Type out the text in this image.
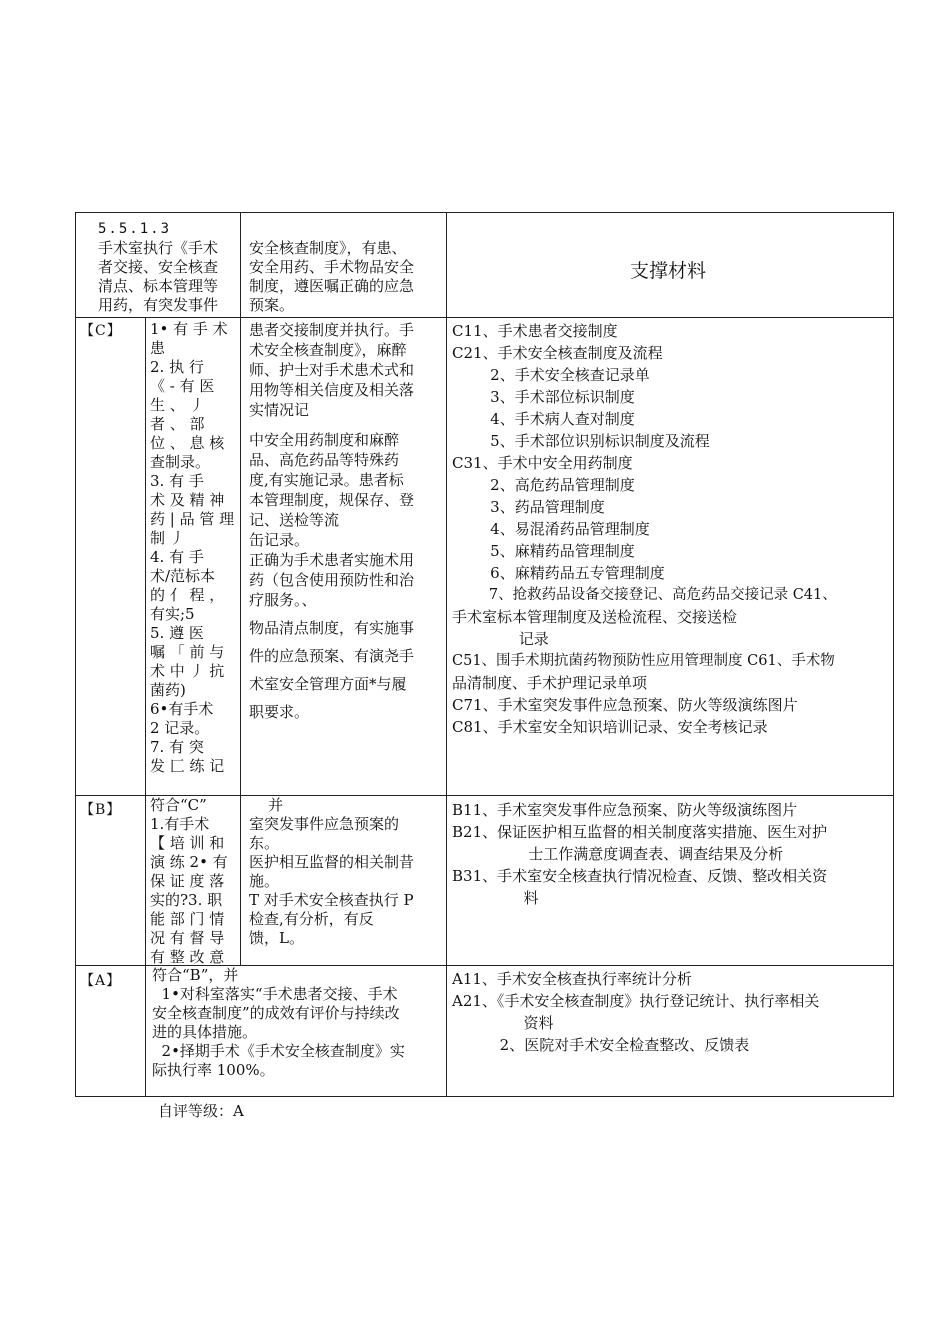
5.5.1.3

手术室执行《手术

者交接、安全核查

清点、标本管理等

用药，有突发事件

安全核查制度》，有患、

安全用药、手术物品安全

制度，遵医嘱正确的应急

预案。

支撑材料
【C】 1• 有 手 术

患

2. 执 行

《 - 有 医

生 、 丿

者 、 部

位 、 息 核

查制录。

3. 有 手

术 及 精 神

药 | 品 管 理

制 丿

4. 有 手

术/范标本

的 亻 程 ，

有实;5

5. 遵 医

嘱 「 前 与

术 中 丿 抗

菌药)

6•有手术

2 记录。

7. 有 突

发 匚 练 记

患者交接制度并执行。手

术安全核查制度》，麻醉

师、护士对手术患术式和

用物等相关信度及相关落

实情况记

中安全用药制度和麻醉

品、高危药品等特殊药

度,有实施记录。患者标

本管理制度，规保存、登

记、送检等流

缶记录。

正确为手术患者实施术用

药（包含使用预防性和治

疗服务。、

物品清点制度，有实施事

件的应急预案、有演尧手

术室安全管理方面*与履

职要求。

C11、手术患者交接制度

C21、手术安全核查制度及流程

2、手术安全核查记录单

3、手术部位标识制度

4、手术病人查对制度

5、手术部位识别标识制度及流程

C31、手术中安全用药制度

2、高危药品管理制度

3、药品管理制度

4、易混淆药品管理制度

5、麻精药品管理制度

6、麻精药品五专管理制度

7、抢救药品设备交接登记、高危药品交接记录 C41、

手术室标本管理制度及送检流程、交接送检

记录

C51、围手术期抗菌药物预防性应用管理制度 C61、手术物

品清制度、手术护理记录单项

C71、手术室突发事件应急预案、防火等级演练图片

C81、手术室安全知识培训记录、安全考核记录

【B】 符合“C”

1.有手术

【 培 训 和

演 练 2• 有

保 证 度 落

实的?3. 职

能 部 门 情

况 有 督 导

有 整 改 意

并

室突发事件应急预案的

东。

医护相互监督的相关制昔

施。

T 对手术安全核查执行 P

检查,有分析，有反

馈，L。

B11、手术室突发事件应急预案、防火等级演练图片

B21、保证医护相互监督的相关制度落实措施、医生对护

士工作满意度调查表、调查结果及分析

B31、手术室安全核查执行情况检查、反馈、整改相关资

料

【A】 符合“B”，并

1•对科室落实“手术患者交接、手术

安全核查制度”的成效有评价与持续改

进的具体措施。

2•择期手术《手术安全核查制度》实

际执行率 100%。

A11、手术安全核查执行率统计分析

A21、《手术安全核查制度》执行登记统计、执行率相关

资料

2、医院对手术安全检查整改、反馈表

自评等级：A
